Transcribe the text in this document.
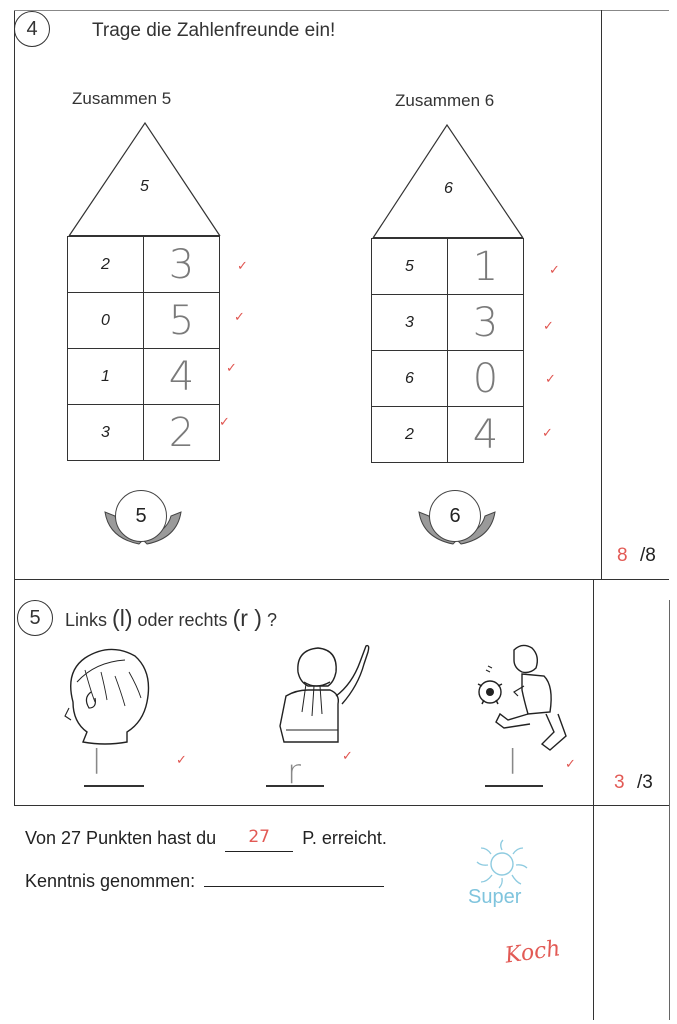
4	Trage die Zahlenfreunde ein!
Zusammen 5
5
2	3
0	5
1	4
3	2
✓
✓
✓
✓
Zusammen 6
6
5	1
3	3
6	0
2	4
✓
✓
✓
✓
5	6
8 /8
5 Links (l) oder rechts (r ) ?
l	✓	r	✓	l	✓
3 /3
Von 27 Punkten hast du 27 P. erreicht.
Kenntnis genommen:
Super
Koch
